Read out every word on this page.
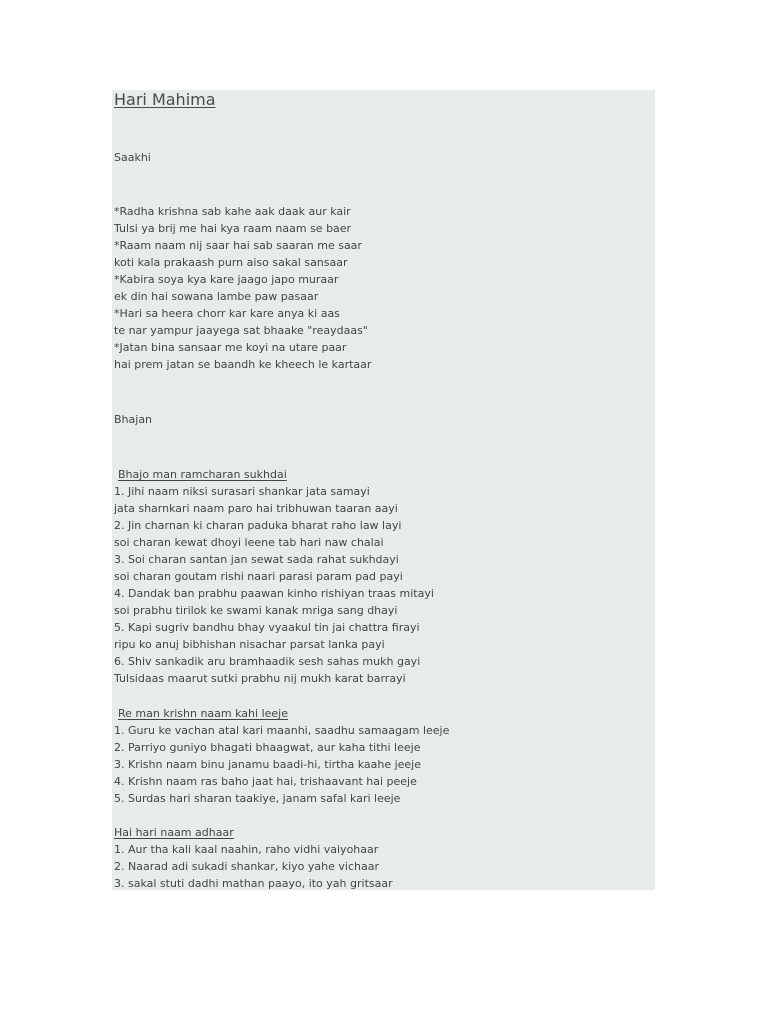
Hari Mahima

Saakhi

*Radha krishna sab kahe aak daak aur kair
Tulsi ya brij me hai kya raam naam se baer
*Raam naam nij saar hai sab saaran me saar
koti kala prakaash purn aiso sakal sansaar
*Kabira soya kya kare jaago japo muraar
ek din hai sowana lambe paw pasaar
*Hari sa heera chorr kar kare anya ki aas
te nar yampur jaayega sat bhaake "reaydaas"
*Jatan bina sansaar me koyi na utare paar
hai prem jatan se baandh ke kheech le kartaar

Bhajan

Bhajo man ramcharan sukhdai
1. Jihi naam niksi surasari shankar jata samayi
jata sharnkari naam paro hai tribhuwan taaran aayi
2. Jin charnan ki charan paduka bharat raho law layi
soi charan kewat dhoyi leene tab hari naw chalai
3. Soi charan santan jan sewat sada rahat sukhdayi
soi charan goutam rishi naari parasi param pad payi
4. Dandak ban prabhu paawan kinho rishiyan traas mitayi
soi prabhu tirilok ke swami kanak mriga sang dhayi
5. Kapi sugriv bandhu bhay vyaakul tin jai chattra firayi
ripu ko anuj bibhishan nisachar parsat lanka payi
6. Shiv sankadik aru bramhaadik sesh sahas mukh gayi
Tulsidaas maarut sutki prabhu nij mukh karat barrayi
Re man krishn naam kahi leeje
1. Guru ke vachan atal kari maanhi, saadhu samaagam leeje
2. Parriyo guniyo bhagati bhaagwat, aur kaha tithi leeje
3. Krishn naam binu janamu baadi-hi, tirtha kaahe jeeje
4. Krishn naam ras baho jaat hai, trishaavant hai peeje
5. Surdas hari sharan taakiye, janam safal kari leeje
Hai hari naam adhaar
1. Aur tha kali kaal naahin, raho vidhi vaiyohaar
2. Naarad adi sukadi shankar, kiyo yahe vichaar
3. sakal stuti dadhi mathan paayo, ito yah gritsaar
